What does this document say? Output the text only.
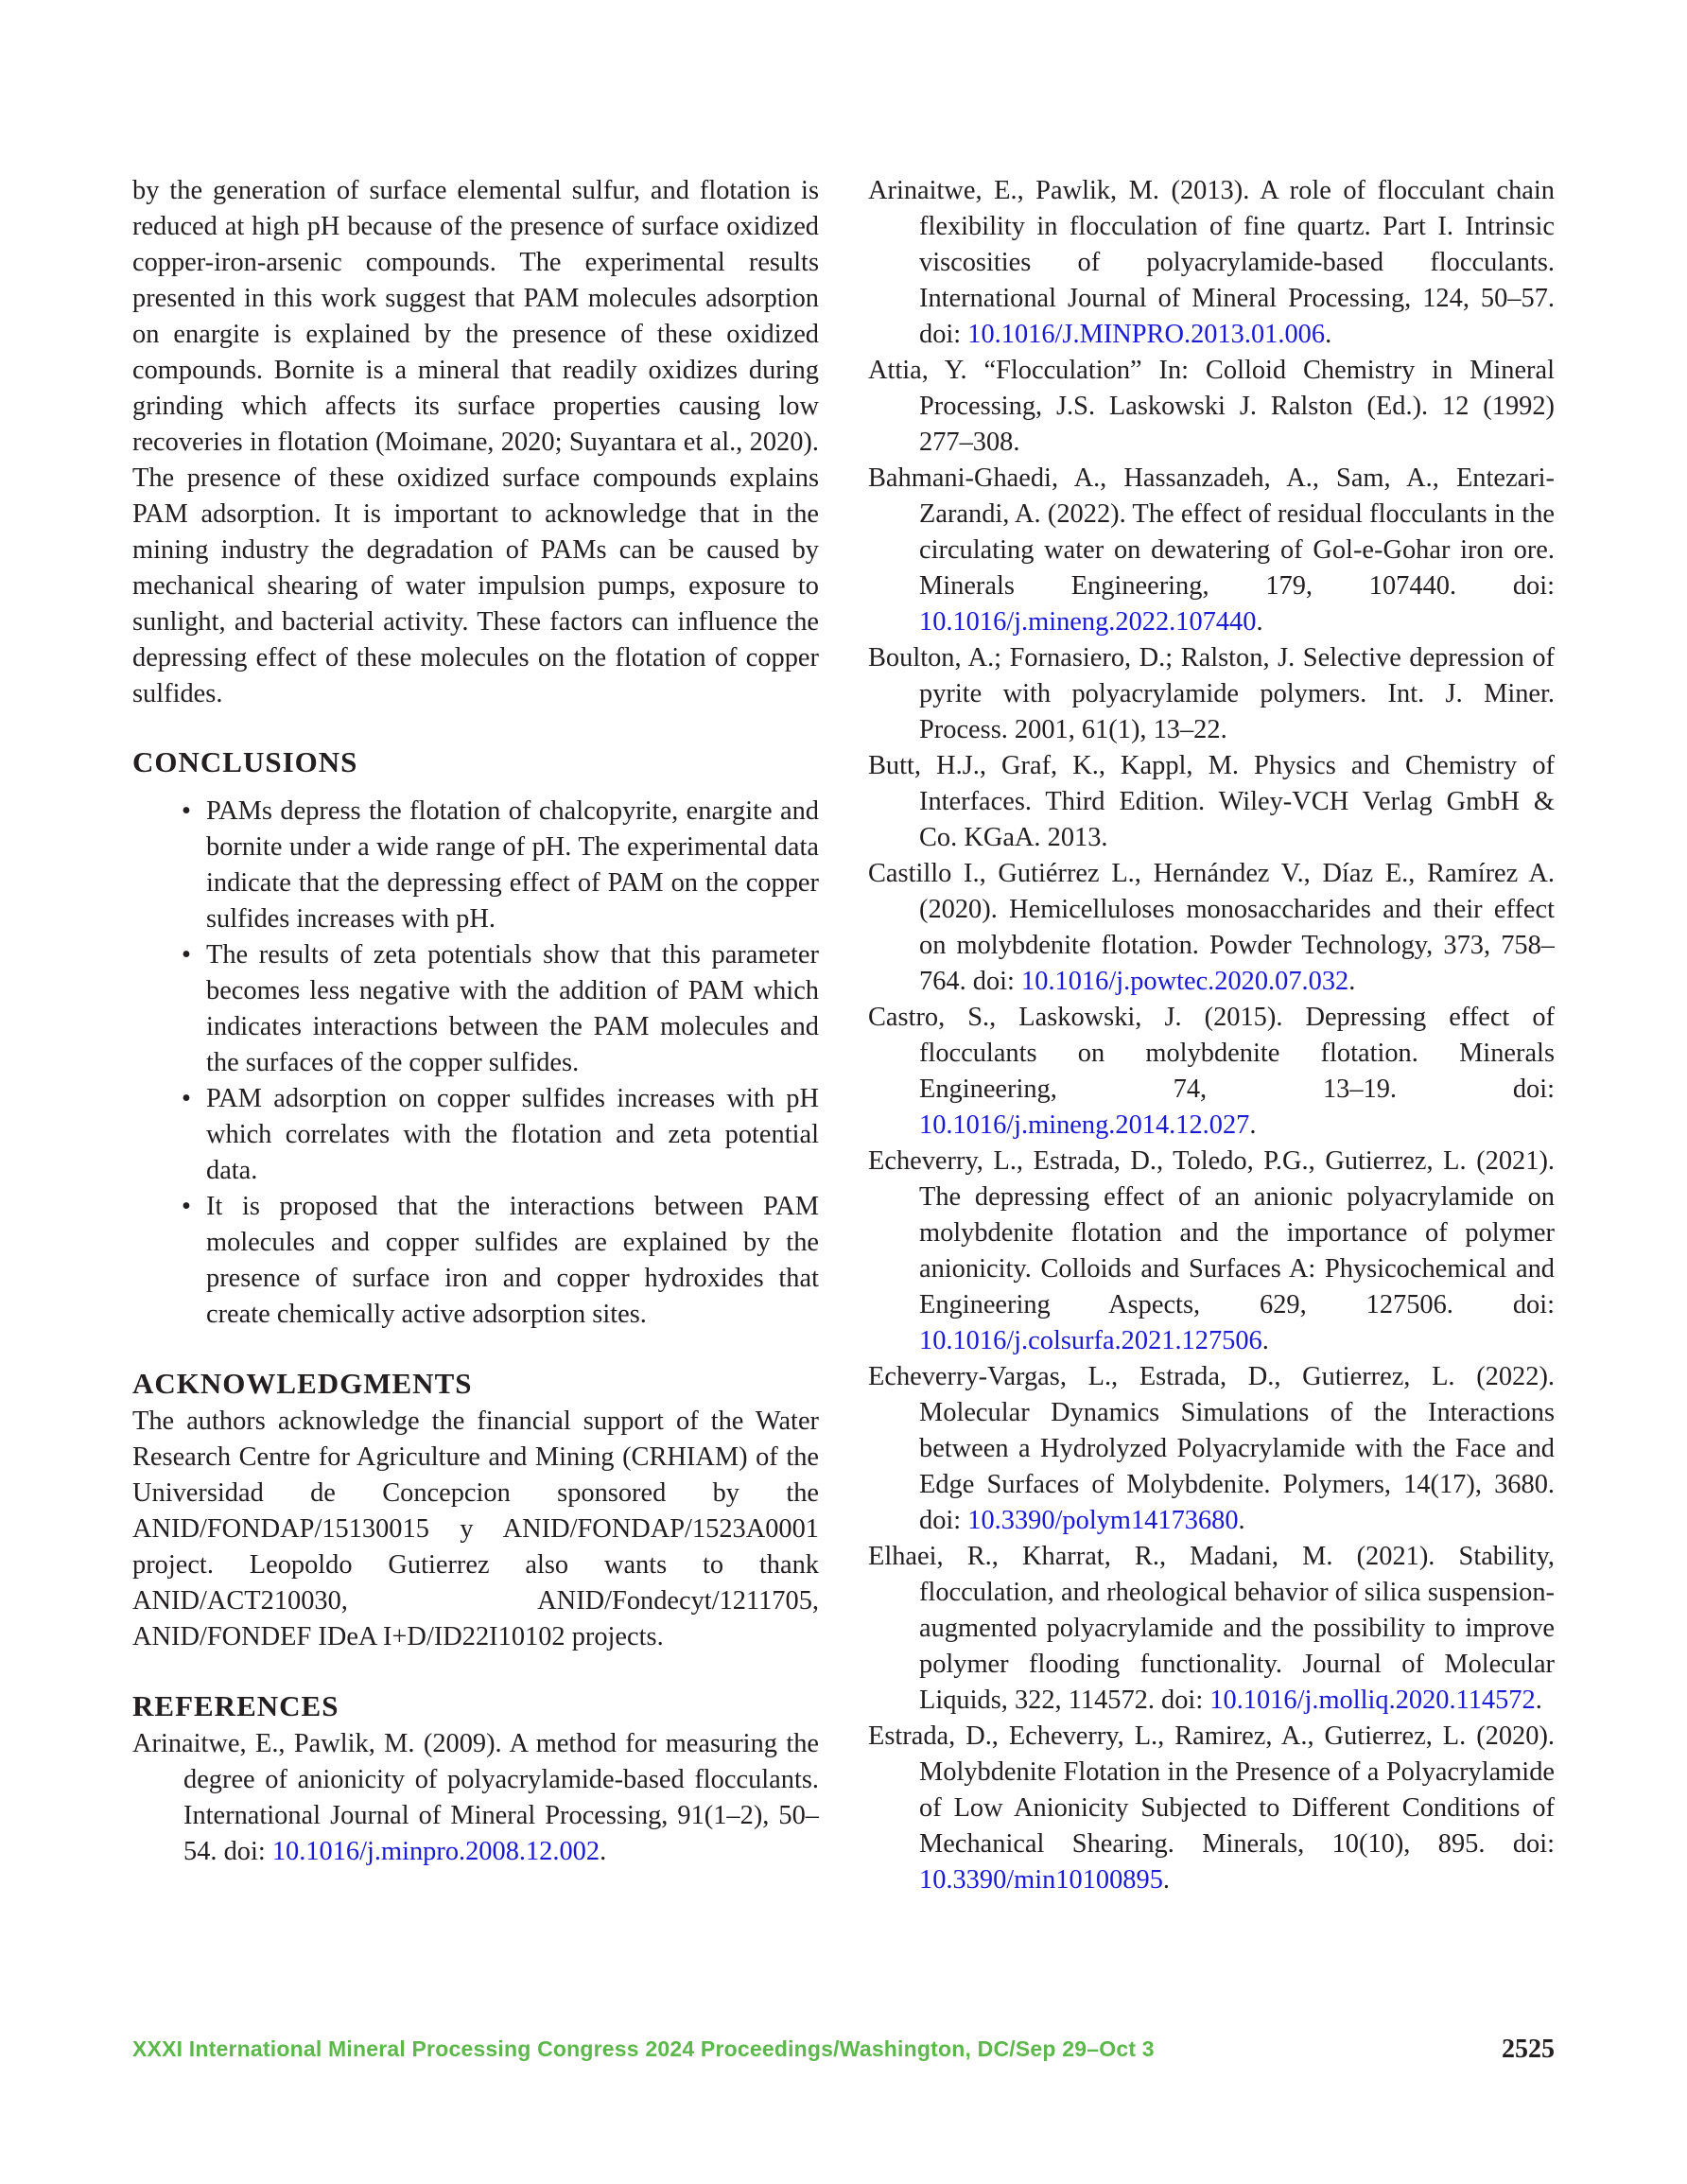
by the generation of surface elemental sulfur, and flotation is reduced at high pH because of the presence of surface oxidized copper-iron-arsenic compounds. The experimental results presented in this work suggest that PAM molecules adsorption on enargite is explained by the presence of these oxidized compounds. Bornite is a mineral that readily oxidizes during grinding which affects its surface properties causing low recoveries in flotation (Moimane, 2020; Suyantara et al., 2020). The presence of these oxidized surface compounds explains PAM adsorption. It is important to acknowledge that in the mining industry the degradation of PAMs can be caused by mechanical shearing of water impulsion pumps, exposure to sunlight, and bacterial activity. These factors can influence the depressing effect of these molecules on the flotation of copper sulfides.

CONCLUSIONS
• PAMs depress the flotation of chalcopyrite, enargite and bornite under a wide range of pH. The experimental data indicate that the depressing effect of PAM on the copper sulfides increases with pH.
• The results of zeta potentials show that this parameter becomes less negative with the addition of PAM which indicates interactions between the PAM molecules and the surfaces of the copper sulfides.
• PAM adsorption on copper sulfides increases with pH which correlates with the flotation and zeta potential data.
• It is proposed that the interactions between PAM molecules and copper sulfides are explained by the presence of surface iron and copper hydroxides that create chemically active adsorption sites.
ACKNOWLEDGMENTS

The authors acknowledge the financial support of the Water Research Centre for Agriculture and Mining (CRHIAM) of the Universidad de Concepcion sponsored by the ANID/FONDAP/15130015 y ANID/FONDAP/1523A0001 project. Leopoldo Gutierrez also wants to thank ANID/ACT210030, ANID/Fondecyt/1211705, ANID/FONDEF IDeA I+D/ID22I10102 projects.

REFERENCES

Arinaitwe, E., Pawlik, M. (2009). A method for measuring the degree of anionicity of polyacrylamide-based flocculants. International Journal of Mineral Processing, 91(1–2), 50–54. doi: 10.1016/j.minpro.2008.12.002.

Arinaitwe, E., Pawlik, M. (2013). A role of flocculant chain flexibility in flocculation of fine quartz. Part I. Intrinsic viscosities of polyacrylamide-based flocculants. International Journal of Mineral Processing, 124, 50–57. doi: 10.1016/J.MINPRO.2013.01.006.

Attia, Y. “Flocculation” In: Colloid Chemistry in Mineral Processing, J.S. Laskowski J. Ralston (Ed.). 12 (1992) 277–308.

Bahmani-Ghaedi, A., Hassanzadeh, A., Sam, A., Entezari-Zarandi, A. (2022). The effect of residual flocculants in the circulating water on dewatering of Gol-e-Gohar iron ore. Minerals Engineering, 179, 107440. doi: 10.1016/j.mineng.2022.107440.

Boulton, A.; Fornasiero, D.; Ralston, J. Selective depression of pyrite with polyacrylamide polymers. Int. J. Miner. Process. 2001, 61(1), 13–22.

Butt, H.J., Graf, K., Kappl, M. Physics and Chemistry of Interfaces. Third Edition. Wiley-VCH Verlag GmbH & Co. KGaA. 2013.

Castillo I., Gutiérrez L., Hernández V., Díaz E., Ramírez A. (2020). Hemicelluloses monosaccharides and their effect on molybdenite flotation. Powder Technology, 373, 758–764. doi: 10.1016/j.powtec.2020.07.032.

Castro, S., Laskowski, J. (2015). Depressing effect of flocculants on molybdenite flotation. Minerals Engineering, 74, 13–19. doi: 10.1016/j.mineng.2014.12.027.

Echeverry, L., Estrada, D., Toledo, P.G., Gutierrez, L. (2021). The depressing effect of an anionic polyacrylamide on molybdenite flotation and the importance of polymer anionicity. Colloids and Surfaces A: Physicochemical and Engineering Aspects, 629, 127506. doi: 10.1016/j.colsurfa.2021.127506.

Echeverry-Vargas, L., Estrada, D., Gutierrez, L. (2022). Molecular Dynamics Simulations of the Interactions between a Hydrolyzed Polyacrylamide with the Face and Edge Surfaces of Molybdenite. Polymers, 14(17), 3680. doi: 10.3390/polym14173680.

Elhaei, R., Kharrat, R., Madani, M. (2021). Stability, flocculation, and rheological behavior of silica suspension-augmented polyacrylamide and the possibility to improve polymer flooding functionality. Journal of Molecular Liquids, 322, 114572. doi: 10.1016/j.molliq.2020.114572.

Estrada, D., Echeverry, L., Ramirez, A., Gutierrez, L. (2020). Molybdenite Flotation in the Presence of a Polyacrylamide of Low Anionicity Subjected to Different Conditions of Mechanical Shearing. Minerals, 10(10), 895. doi: 10.3390/min10100895.

XXXI International Mineral Processing Congress 2024 Proceedings/Washington, DC/Sep 29–Oct 3	2525
